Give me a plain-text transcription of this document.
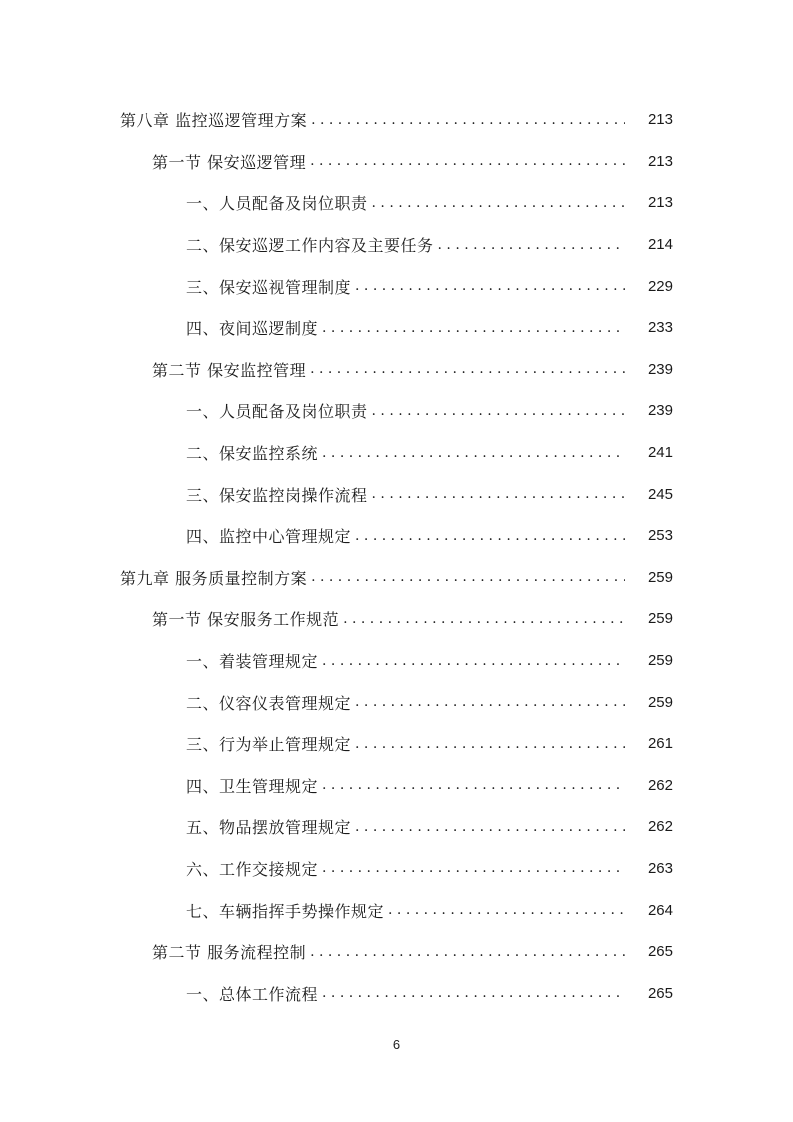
第八章 监控巡逻管理方案 . . .	213
第一节 保安巡逻管理 . . .	213
一、人员配备及岗位职责 . . .	213
二、保安巡逻工作内容及主要任务 . . .	214
三、保安巡视管理制度 . . .	229
四、夜间巡逻制度 . . .	233
第二节 保安监控管理 . . .	239
一、人员配备及岗位职责 . . .	239
二、保安监控系统 . . .	241
三、保安监控岗操作流程 . . .	245
四、监控中心管理规定 . . .	253
第九章 服务质量控制方案 . . .	259
第一节 保安服务工作规范 . . .	259
一、着装管理规定 . . .	259
二、仪容仪表管理规定 . . .	259
三、行为举止管理规定 . . .	261
四、卫生管理规定 . . .	262
五、物品摆放管理规定 . . .	262
六、工作交接规定 . . .	263
七、车辆指挥手势操作规定 . . .	264
第二节 服务流程控制 . . .	265
一、总体工作流程 . . .	265
6
